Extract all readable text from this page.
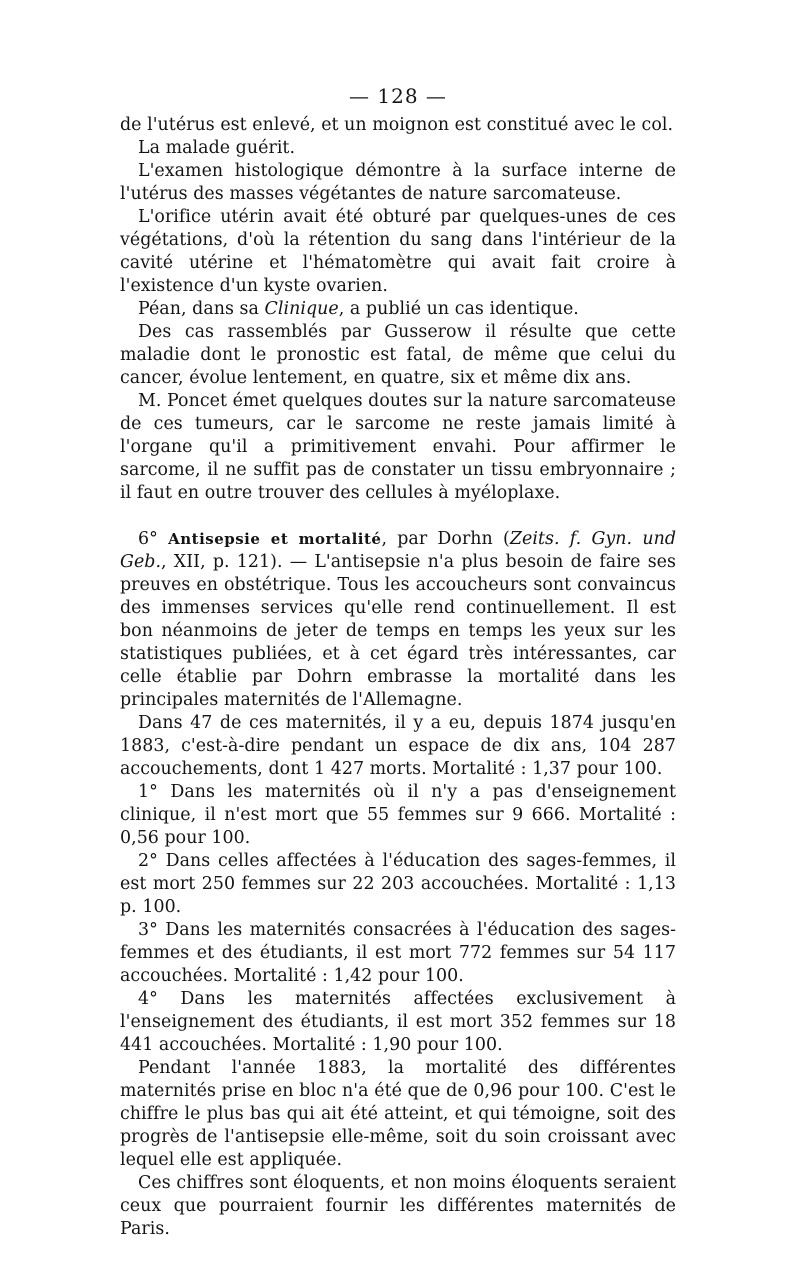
— 128 —

de l'utérus est enlevé, et un moignon est constitué avec le col.

La malade guérit.

L'examen histologique démontre à la surface interne de l'utérus des masses végétantes de nature sarcomateuse.

L'orifice utérin avait été obturé par quelques-unes de ces végétations, d'où la rétention du sang dans l'intérieur de la cavité utérine et l'hématomètre qui avait fait croire à l'existence d'un kyste ovarien.

Péan, dans sa Clinique, a publié un cas identique.

Des cas rassemblés par Gusserow il résulte que cette maladie dont le pronostic est fatal, de même que celui du cancer, évolue lentement, en quatre, six et même dix ans.

M. Poncet émet quelques doutes sur la nature sarcomateuse de ces tumeurs, car le sarcome ne reste jamais limité à l'organe qu'il a primitivement envahi. Pour affirmer le sarcome, il ne suffit pas de constater un tissu embryonnaire ; il faut en outre trouver des cellules à myéloplaxe.

6° Antisepsie et mortalité, par Dorhn (Zeits. f. Gyn. und Geb., XII, p. 121). — L'antisepsie n'a plus besoin de faire ses preuves en obstétrique. Tous les accoucheurs sont convaincus des immenses services qu'elle rend continuellement. Il est bon néanmoins de jeter de temps en temps les yeux sur les statistiques publiées, et à cet égard très intéressantes, car celle établie par Dohrn embrasse la mortalité dans les principales maternités de l'Allemagne.

Dans 47 de ces maternités, il y a eu, depuis 1874 jusqu'en 1883, c'est-à-dire pendant un espace de dix ans, 104 287 accouchements, dont 1 427 morts. Mortalité : 1,37 pour 100.

1° Dans les maternités où il n'y a pas d'enseignement clinique, il n'est mort que 55 femmes sur 9 666. Mortalité : 0,56 pour 100.

2° Dans celles affectées à l'éducation des sages-femmes, il est mort 250 femmes sur 22 203 accouchées. Mortalité : 1,13 p. 100.

3° Dans les maternités consacrées à l'éducation des sages-femmes et des étudiants, il est mort 772 femmes sur 54 117 accouchées. Mortalité : 1,42 pour 100.

4° Dans les maternités affectées exclusivement à l'enseignement des étudiants, il est mort 352 femmes sur 18 441 accouchées. Mortalité : 1,90 pour 100.

Pendant l'année 1883, la mortalité des différentes maternités prise en bloc n'a été que de 0,96 pour 100. C'est le chiffre le plus bas qui ait été atteint, et qui témoigne, soit des progrès de l'antisepsie elle-même, soit du soin croissant avec lequel elle est appliquée.

Ces chiffres sont éloquents, et non moins éloquents seraient ceux que pourraient fournir les différentes maternités de Paris.
